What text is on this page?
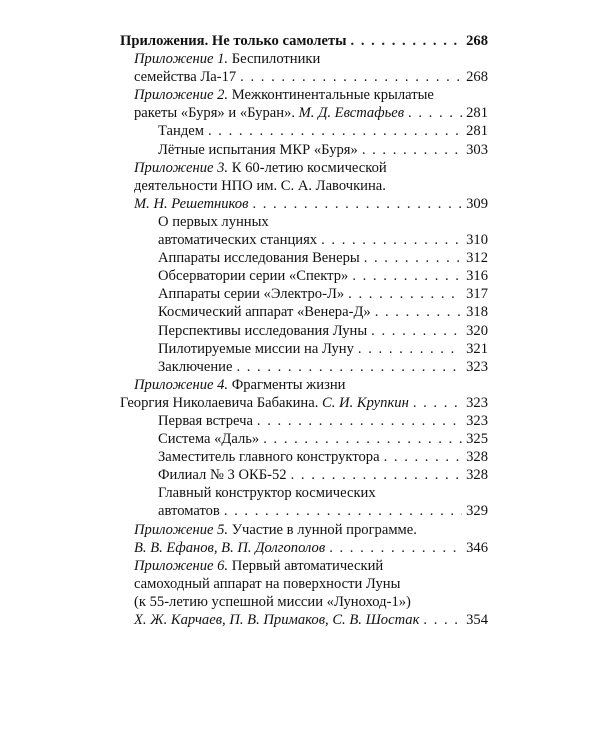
Приложения. Не только самолеты . . .	268
Приложение 1. Беспилотники
семейства Ла-17 . . .	268
Приложение 2. Межконтинентальные крылатые
ракеты «Буря» и «Буран». М. Д. Евстафьев . . .	281
Тандем . . .	281
Лётные испытания МКР «Буря» . . .	303
Приложение 3. К 60-летию космической
деятельности НПО им. С. А. Лавочкина.
М. Н. Решетников . . .	309
О первых лунных
автоматических станциях . . .	310
Аппараты исследования Венеры . . .	312
Обсерватории серии «Спектр» . . .	316
Аппараты серии «Электро-Л» . . .	317
Космический аппарат «Венера-Д» . . .	318
Перспективы исследования Луны . . .	320
Пилотируемые миссии на Луну . . .	321
Заключение . . .	323
Приложение 4. Фрагменты жизни
Георгия Николаевича Бабакина. С. И. Крупкин . . .	323
Первая встреча . . .	323
Система «Даль» . . .	325
Заместитель главного конструктора . . .	328
Филиал № 3 ОКБ-52 . . .	328
Главный конструктор космических
автоматов . . .	329
Приложение 5. Участие в лунной программе.
В. В. Ефанов, В. П. Долгополов . . .	346
Приложение 6. Первый автоматический
самоходный аппарат на поверхности Луны
(к 55-летию успешной миссии «Луноход-1»)
Х. Ж. Карчаев, П. В. Примаков, С. В. Шостак . . .	354
